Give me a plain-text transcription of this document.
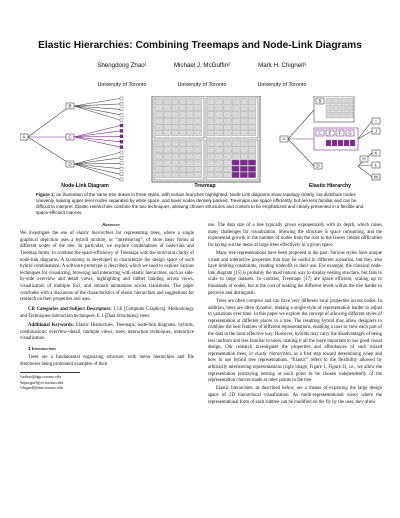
Elastic Hierarchies: Combining Treemaps and Node-Link Diagrams
Shengdong Zhao¹	Michael J. McGuffin²	Mark H. Chignell³
University of Toronto	University of Toronto	University of Toronto
A
B
C
D
A
B
C E F G
D
I
J
K
L
M
H
Node-Link Diagram	Treemap	Elastic Hierarchy
Figure 1: an illustration of the same tree drawn in three styles, with certain branches highlighted. Node-Link diagrams show topology clearly, but distribute nodes unevenly, leaving upper level nodes separated by white space, and lower nodes densely packed. Treemaps use space efficiently, but are less familiar and can be difficult to interpret. Elastic Hierarchies combine the two techniques, allowing chosen structures and content to be emphasized and clearly presented in a flexible and space-efficient manner.

Abstract

We investigate the use of elastic hierarchies for representing trees, where a single graphical depiction uses a hybrid mixture, or “interleaving”, of more basic forms at different nodes of the tree. In particular, we explore combinations of node-link and Treemap forms, to combine the space-efficiency of Treemaps with the structural clarity of node-link diagrams. A taxonomy is developed to characterize the design space of such hybrid combinations. A software prototype is described, which we used to explore various techniques for visualizing, browsing and interacting with elastic hierarchies, such as side-by-side overview and detail views, highlighting and rubber banding across views, visualization of multiple foci, and smooth animations across transitions. The paper concludes with a discussion of the characteristics of elastic hierarchies and suggestions for research on their properties and uses.

CR Categories and Subject Descriptors: I.3.6 [Computer Graphics]: Methodology and Techniques–interaction techniques; E.1 [Data Structures]: trees

Additional Keywords: Elastic Hierarchies, Treemaps, node-link diagrams, hybrids, combinations, overview+detail, multiple views, trees, interaction techniques, interactive visualization

1 Introduction

Trees are a fundamental organizing structure, with menu hierarchies and file directories being prominent examples of their

¹sszhao@dgp.toronto.edu

²mjmcguff@cs.toronto.edu

³chignell@mie.toronto.edu

use. The data size of a tree typically grows exponentially with its depth, which raises many challenges for visualization. Showing the structure is space consuming, and the exponential growth in the number of nodes from the root to the leaves creates difficulties for laying out the items of large trees effectively in a given space.

Many tree representations have been proposed in the past. Various styles have unique visual and interactive properties that may be useful in different scenarios, but they also have limiting constraints, creating tradeoffs in their use. For example, the classical node-link diagram [15] is probably the most natural way to display nesting structure, but fails to scale to large datasets. In contrast, Treemaps [17] are space efficient, scaling up to thousands of nodes, but at the cost of making the different levels within the tree harder to perceive and distinguish.

Trees are often complex and can have very different local properties across nodes. In addition, trees are often dynamic, making a single style of representation harder to adjust to variations over time. In this paper we explore the concept of allowing different styles of representation at different places in a tree. The resulting hybrid may allow designers to combine the best features of different representations, enabling a user to view each part of the data in the most effective way. However, hybrids may carry the disadvantages of being less uniform and less familiar to users, making it all the more important to use good visual design. Our research investigates the properties and affordances of such mixed representation trees, or elastic hierarchies, as a first step toward determining when and how to use hybrid tree representations. “Elastic” refers to the flexibility allowed by arbitrarily interleaving representations (right image, Figure 1, Figure 4), i.e., we allow the representation portraying nesting at each point to be chosen independently of the representation choices made at other points in the tree.

Elastic hierarchies, as described below, are a means of exploring the large design space of 2D hierarchical visualization. As multi-representational views where the representational form of each subtree can be modified on the fly by the user, they allow
